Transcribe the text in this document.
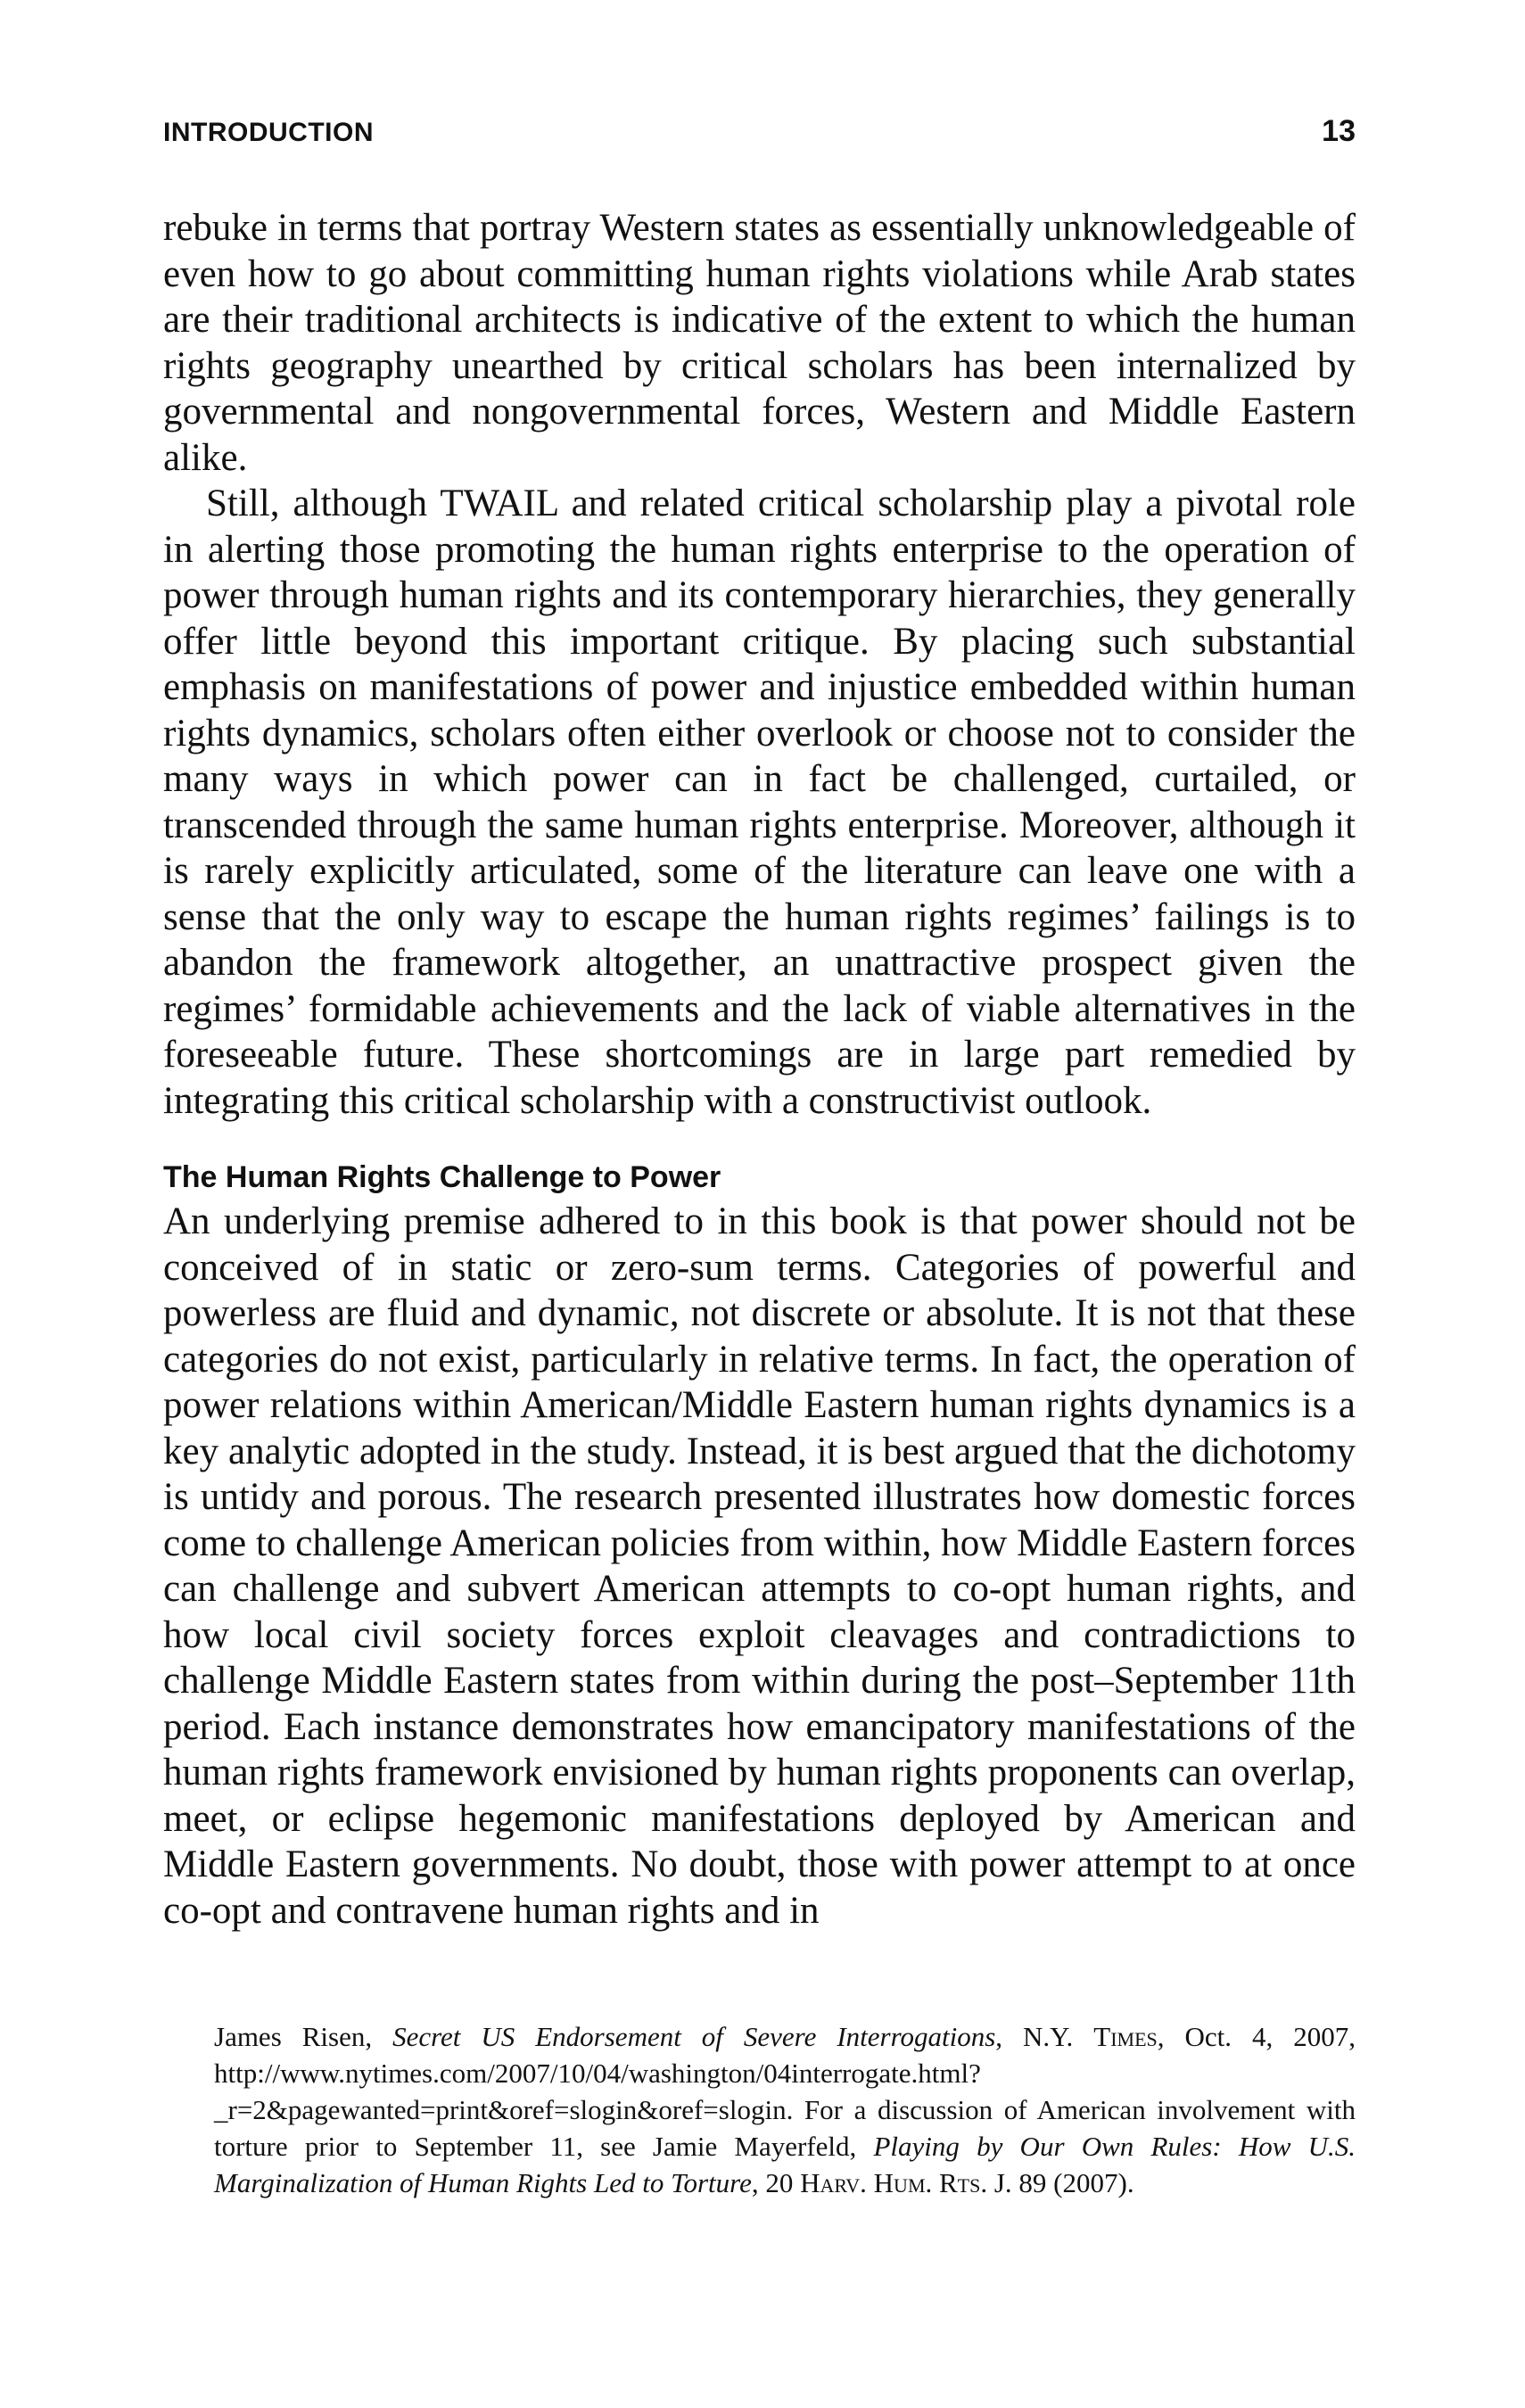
INTRODUCTION	13

rebuke in terms that portray Western states as essentially unknowledgeable of even how to go about committing human rights violations while Arab states are their traditional architects is indicative of the extent to which the human rights geography unearthed by critical scholars has been internalized by governmental and nongovernmental forces, Western and Middle Eastern alike.

Still, although TWAIL and related critical scholarship play a pivotal role in alerting those promoting the human rights enterprise to the operation of power through human rights and its contemporary hierarchies, they generally offer little beyond this important critique. By placing such substantial emphasis on manifestations of power and injustice embedded within human rights dynamics, scholars often either overlook or choose not to consider the many ways in which power can in fact be challenged, curtailed, or transcended through the same human rights enterprise. Moreover, although it is rarely explicitly articulated, some of the literature can leave one with a sense that the only way to escape the human rights regimes’ failings is to abandon the framework altogether, an unattractive prospect given the regimes’ formidable achievements and the lack of viable alternatives in the foreseeable future. These shortcomings are in large part remedied by integrating this critical scholarship with a constructivist outlook.

The Human Rights Challenge to Power

An underlying premise adhered to in this book is that power should not be conceived of in static or zero-sum terms. Categories of powerful and powerless are fluid and dynamic, not discrete or absolute. It is not that these categories do not exist, particularly in relative terms. In fact, the operation of power relations within American/Middle Eastern human rights dynamics is a key analytic adopted in the study. Instead, it is best argued that the dichotomy is untidy and porous. The research presented illustrates how domestic forces come to challenge American policies from within, how Middle Eastern forces can challenge and subvert American attempts to co-opt human rights, and how local civil society forces exploit cleavages and contradictions to challenge Middle Eastern states from within during the post–September 11th period. Each instance demonstrates how emancipatory manifestations of the human rights framework envisioned by human rights proponents can overlap, meet, or eclipse hegemonic manifestations deployed by American and Middle Eastern governments. No doubt, those with power attempt to at once co-opt and contravene human rights and in

James Risen, Secret US Endorsement of Severe Interrogations, N.Y. Times, Oct. 4, 2007, http://www.nytimes.com/2007/10/04/washington/04interrogate.html?_r=2&pagewanted=print&oref=slogin&oref=slogin. For a discussion of American involvement with torture prior to September 11, see Jamie Mayerfeld, Playing by Our Own Rules: How U.S. Marginalization of Human Rights Led to Torture, 20 Harv. Hum. Rts. J. 89 (2007).
